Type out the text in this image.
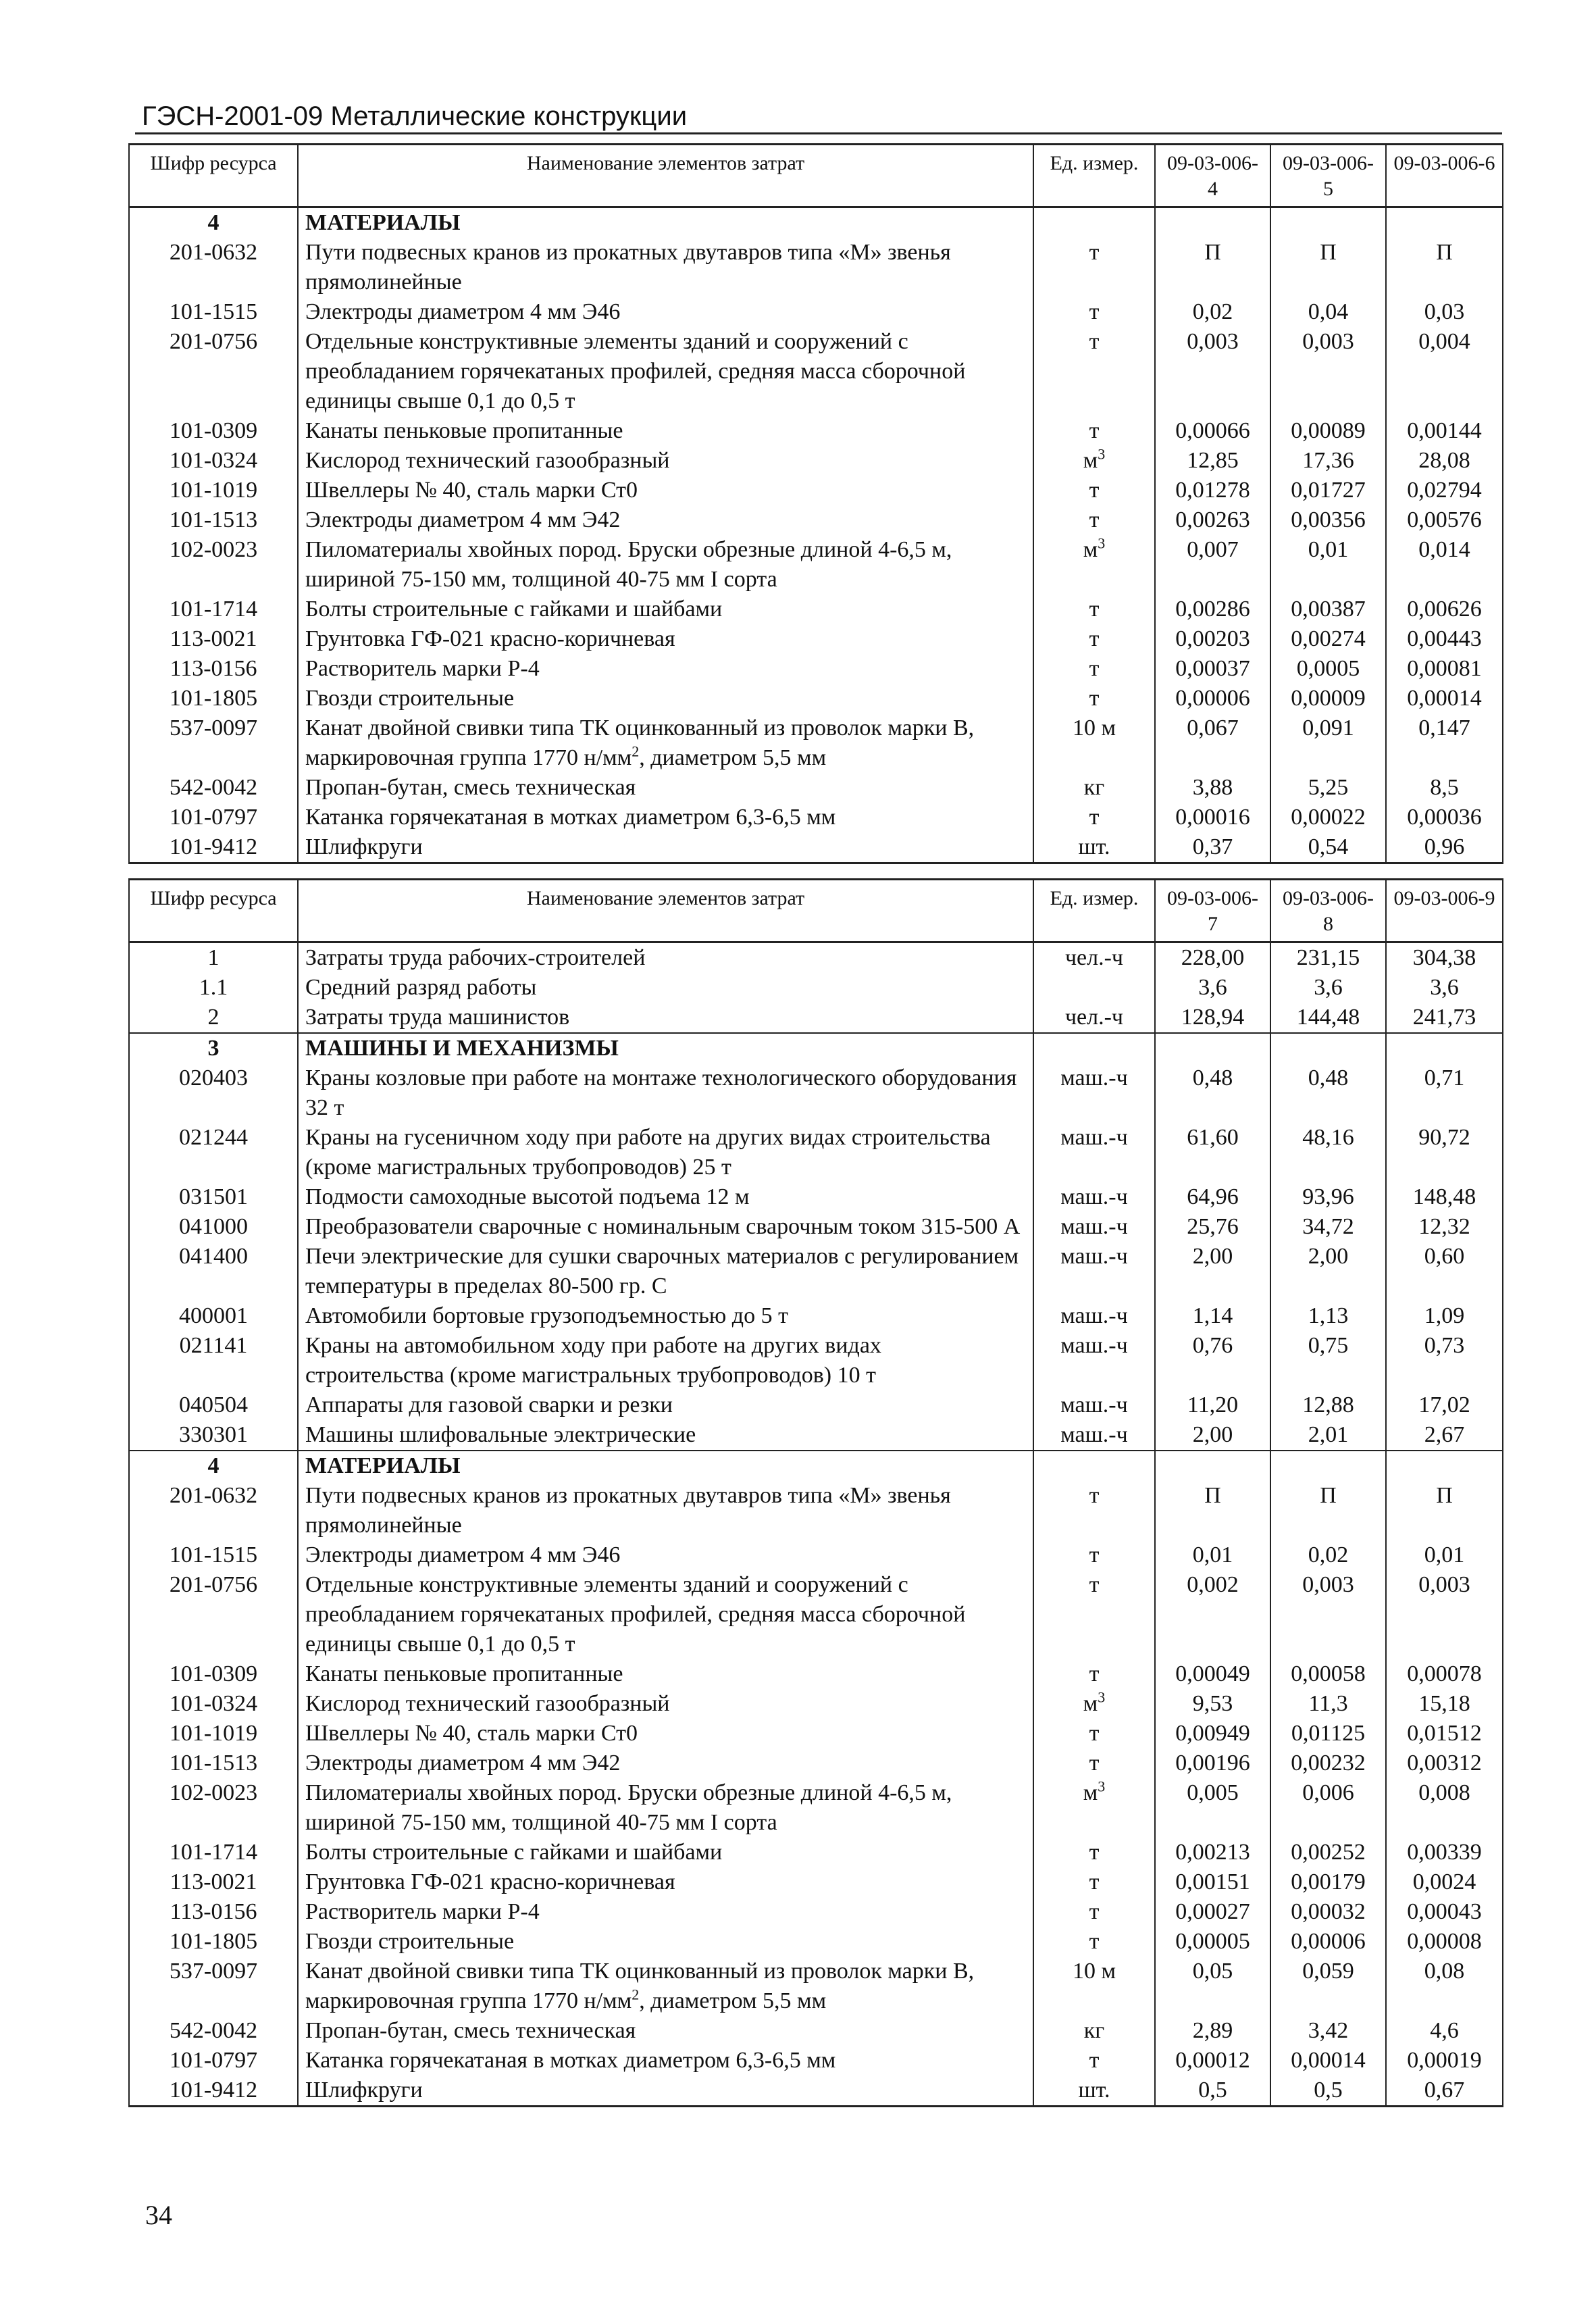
ГЭСН-2001-09 Металлические конструкции
Шифр ресурса	Наименование элементов затрат	Ед. измер.	09-03-006-4	09-03-006-5	09-03-006-6
4	МАТЕРИАЛЫ				
201-0632	Пути подвесных кранов из прокатных двутавров типа «М» звенья прямолинейные	т	П	П	П
101-1515	Электроды диаметром 4 мм Э46	т	0,02	0,04	0,03
201-0756	Отдельные конструктивные элементы зданий и сооружений с преобладанием горячекатаных профилей, средняя масса сборочной единицы свыше 0,1 до 0,5 т	т	0,003	0,003	0,004
101-0309	Канаты пеньковые пропитанные	т	0,00066	0,00089	0,00144
101-0324	Кислород технический газообразный	$м^3$	12,85	17,36	28,08
101-1019	Швеллеры № 40, сталь марки Ст0	т	0,01278	0,01727	0,02794
101-1513	Электроды диаметром 4 мм Э42	т	0,00263	0,00356	0,00576
102-0023	Пиломатериалы хвойных пород. Бруски обрезные длиной 4-6,5 м, шириной 75-150 мм, толщиной 40-75 мм I сорта	$м^3$	0,007	0,01	0,014
101-1714	Болты строительные с гайками и шайбами	т	0,00286	0,00387	0,00626
113-0021	Грунтовка ГФ-021 красно-коричневая	т	0,00203	0,00274	0,00443
113-0156	Растворитель марки Р-4	т	0,00037	0,0005	0,00081
101-1805	Гвозди строительные	т	0,00006	0,00009	0,00014
537-0097	Канат двойной свивки типа ТК оцинкованный из проволок марки В, маркировочная группа 1770 $н/мм^2$, диаметром 5,5 мм	10 м	0,067	0,091	0,147
542-0042	Пропан-бутан, смесь техническая	кг	3,88	5,25	8,5
101-0797	Катанка горячекатаная в мотках диаметром 6,3-6,5 мм	т	0,00016	0,00022	0,00036
101-9412	Шлифкруги	шт.	0,37	0,54	0,96
Шифр ресурса	Наименование элементов затрат	Ед. измер.	09-03-006-7	09-03-006-8	09-03-006-9
1	Затраты труда рабочих-строителей	чел.-ч	228,00	231,15	304,38
1.1	Средний разряд работы		3,6	3,6	3,6
2	Затраты труда машинистов	чел.-ч	128,94	144,48	241,73
3	МАШИНЫ И МЕХАНИЗМЫ				
020403	Краны козловые при работе на монтаже технологического оборудования 32 т	маш.-ч	0,48	0,48	0,71
021244	Краны на гусеничном ходу при работе на других видах строительства (кроме магистральных трубопроводов) 25 т	маш.-ч	61,60	48,16	90,72
031501	Подмости самоходные высотой подъема 12 м	маш.-ч	64,96	93,96	148,48
041000	Преобразователи сварочные с номинальным сварочным током 315-500 А	маш.-ч	25,76	34,72	12,32
041400	Печи электрические для сушки сварочных материалов с регулированием температуры в пределах 80-500 гр. С	маш.-ч	2,00	2,00	0,60
400001	Автомобили бортовые грузоподъемностью до 5 т	маш.-ч	1,14	1,13	1,09
021141	Краны на автомобильном ходу при работе на других видах строительства (кроме магистральных трубопроводов) 10 т	маш.-ч	0,76	0,75	0,73
040504	Аппараты для газовой сварки и резки	маш.-ч	11,20	12,88	17,02
330301	Машины шлифовальные электрические	маш.-ч	2,00	2,01	2,67
4	МАТЕРИАЛЫ				
201-0632	Пути подвесных кранов из прокатных двутавров типа «М» звенья прямолинейные	т	П	П	П
101-1515	Электроды диаметром 4 мм Э46	т	0,01	0,02	0,01
201-0756	Отдельные конструктивные элементы зданий и сооружений с преобладанием горячекатаных профилей, средняя масса сборочной единицы свыше 0,1 до 0,5 т	т	0,002	0,003	0,003
101-0309	Канаты пеньковые пропитанные	т	0,00049	0,00058	0,00078
101-0324	Кислород технический газообразный	$м^3$	9,53	11,3	15,18
101-1019	Швеллеры № 40, сталь марки Ст0	т	0,00949	0,01125	0,01512
101-1513	Электроды диаметром 4 мм Э42	т	0,00196	0,00232	0,00312
102-0023	Пиломатериалы хвойных пород. Бруски обрезные длиной 4-6,5 м, шириной 75-150 мм, толщиной 40-75 мм I сорта	$м^3$	0,005	0,006	0,008
101-1714	Болты строительные с гайками и шайбами	т	0,00213	0,00252	0,00339
113-0021	Грунтовка ГФ-021 красно-коричневая	т	0,00151	0,00179	0,0024
113-0156	Растворитель марки Р-4	т	0,00027	0,00032	0,00043
101-1805	Гвозди строительные	т	0,00005	0,00006	0,00008
537-0097	Канат двойной свивки типа ТК оцинкованный из проволок марки В, маркировочная группа 1770 $н/мм^2$, диаметром 5,5 мм	10 м	0,05	0,059	0,08
542-0042	Пропан-бутан, смесь техническая	кг	2,89	3,42	4,6
101-0797	Катанка горячекатаная в мотках диаметром 6,3-6,5 мм	т	0,00012	0,00014	0,00019
101-9412	Шлифкруги	шт.	0,5	0,5	0,67
34
